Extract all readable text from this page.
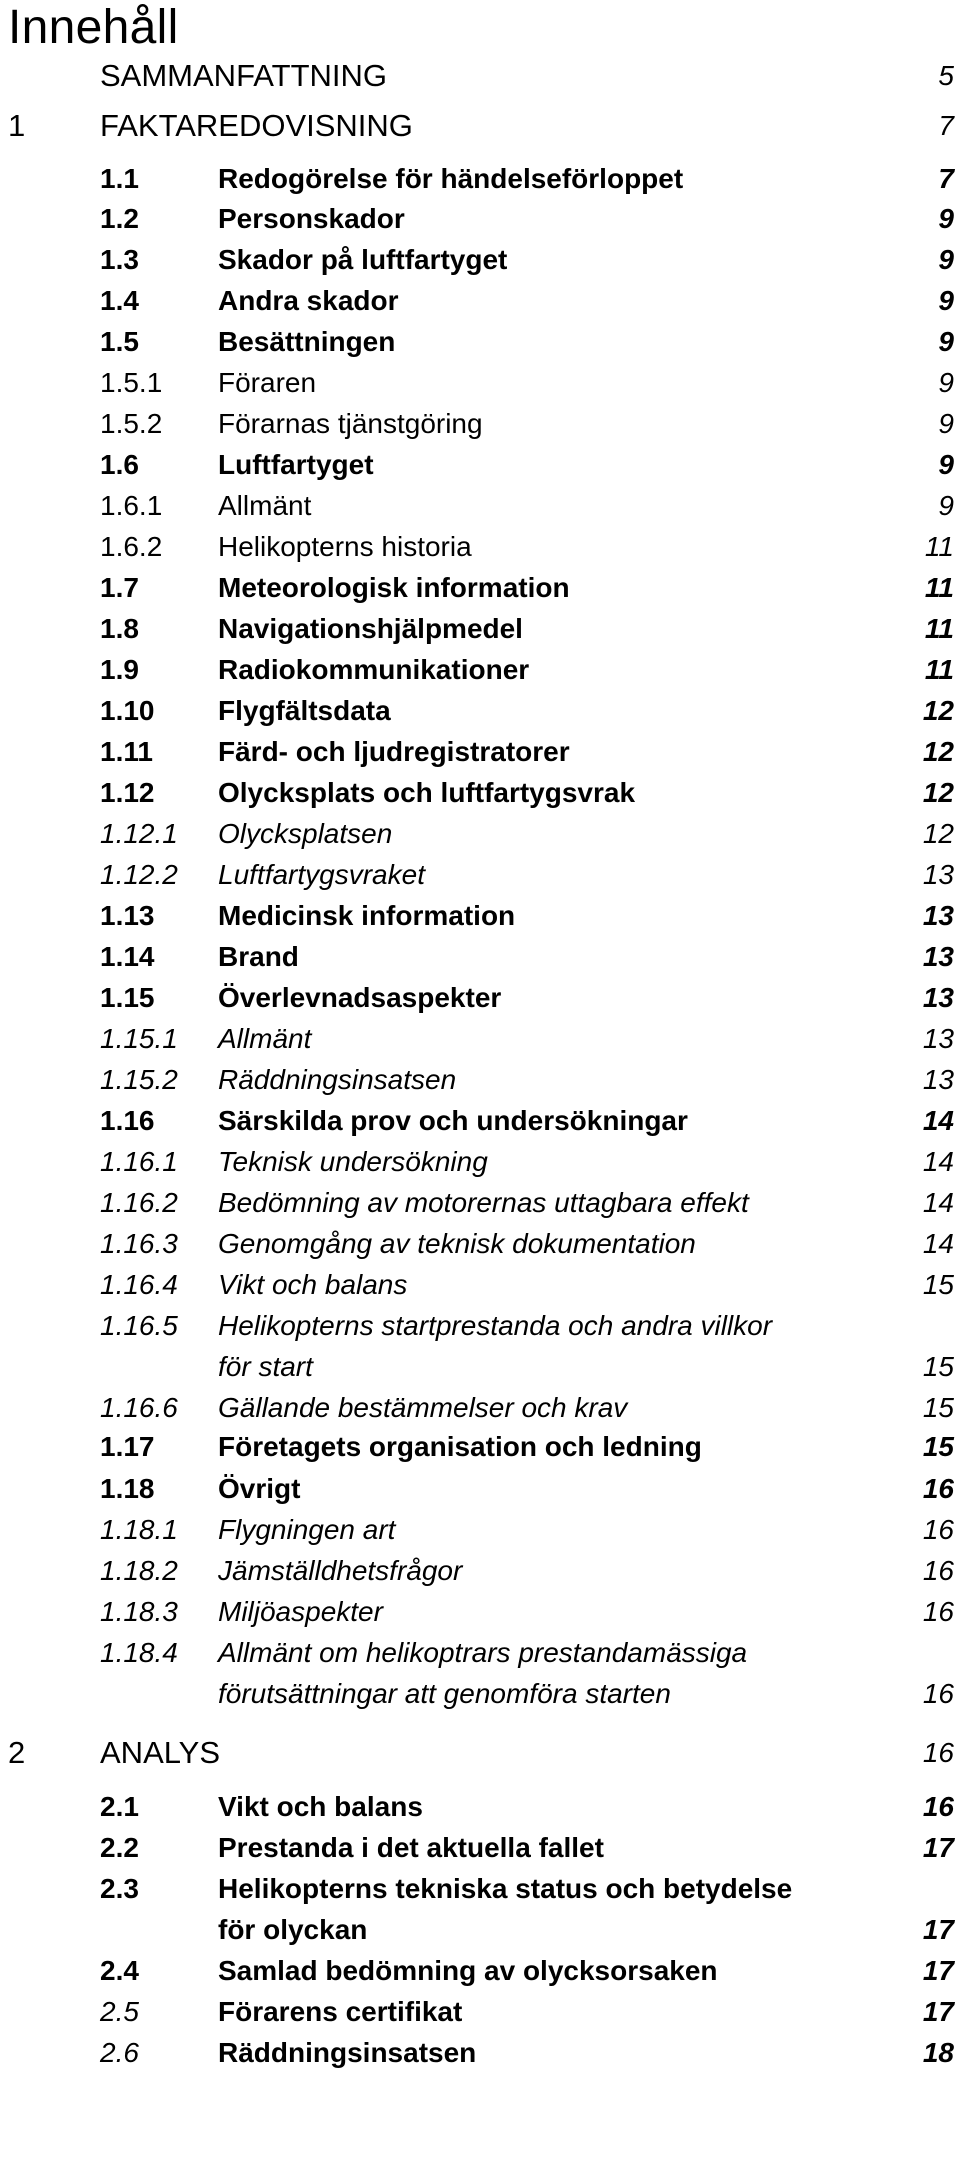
Innehåll
SAMMANFATTNING	5
1 FAKTAREDOVISNING	7
1.1	Redogörelse för händelseförloppet	7
1.2	Personskador	9
1.3	Skador på luftfartyget	9
1.4	Andra skador	9
1.5	Besättningen	9
1.5.1 Föraren	9
1.5.2 Förarnas tjänstgöring	9
1.6	Luftfartyget	9
1.6.1 Allmänt	9
1.6.2 Helikopterns historia	11
1.7	Meteorologisk information	11
1.8	Navigationshjälpmedel	11
1.9	Radiokommunikationer	11
1.10 Flygfältsdata	12
1.11 Färd- och ljudregistratorer	12
1.12 Olycksplats och luftfartygsvrak	12
1.12.1 Olycksplatsen	12
1.12.2 Luftfartygsvraket	13
1.13 Medicinsk information	13
1.14 Brand	13
1.15 Överlevnadsaspekter	13
1.15.1 Allmänt	13
1.15.2 Räddningsinsatsen	13
1.16 Särskilda prov och undersökningar	14
1.16.1 Teknisk undersökning	14
1.16.2 Bedömning av motorernas uttagbara effekt	14
1.16.3 Genomgång av teknisk dokumentation	14
1.16.4 Vikt och balans	15
1.16.5 Helikopterns startprestanda och andra villkor
för start	15
1.16.6 Gällande bestämmelser och krav	15
1.17 Företagets organisation och ledning	15
1.18 Övrigt	16
1.18.1 Flygningen art	16
1.18.2 Jämställdhetsfrågor	16
1.18.3 Miljöaspekter	16
1.18.4 Allmänt om helikoptrars prestandamässiga
förutsättningar att genomföra starten	16
2 ANALYS	16
2.1	Vikt och balans	16
2.2	Prestanda i det aktuella fallet	17
2.3	Helikopterns tekniska status och betydelse
för olyckan	17
2.4	Samlad bedömning av olycksorsaken	17
2.5	Förarens certifikat	17
2.6	Räddningsinsatsen	18
